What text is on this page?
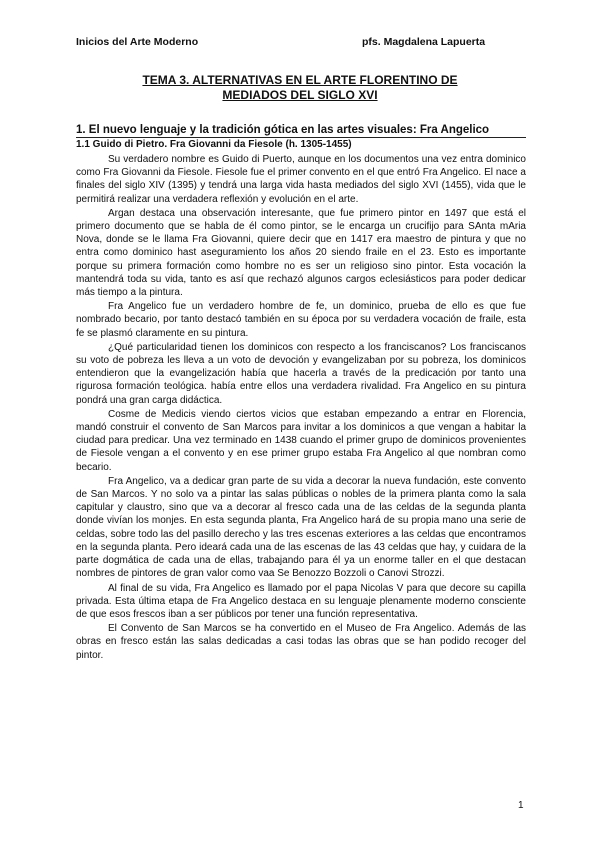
Inicios del Arte Moderno	pfs. Magdalena Lapuerta
TEMA 3. ALTERNATIVAS EN EL ARTE FLORENTINO DE
MEDIADOS DEL SIGLO XVI
1. El nuevo lenguaje y la tradición gótica en las artes visuales: Fra Angelico
1.1 Guido di Pietro. Fra Giovanni da Fiesole (h. 1305-1455)

Su verdadero nombre es Guido di Puerto, aunque en los documentos una vez entra dominico como Fra Giovanni da Fiesole. Fiesole fue el primer convento en el que entró Fra Angelico. El nace a finales del siglo XIV (1395) y tendrá una larga vida hasta mediados del siglo XVI (1455), vida que le permitirá realizar una verdadera reflexión y evolución en el arte.

Argan destaca una observación interesante, que fue primero pintor en 1497 que está el primero documento que se habla de él como pintor, se le encarga un crucifijo para SAnta mAria Nova, donde se le llama Fra Giovanni, quiere decir que en 1417 era maestro de pintura y que no entra como dominico hast aseguramiento los años 20 siendo fraile en el 23. Esto es importante porque su primera formación como hombre no es ser un religioso sino pintor. Esta vocación la mantendrá toda su vida, tanto es así que rechazó algunos cargos eclesiásticos para poder dedicar más tiempo a la pintura.

Fra Angelico fue un verdadero hombre de fe, un dominico, prueba de ello es que fue nombrado becario, por tanto destacó también en su época por su verdadera vocación de fraile, esta fe se plasmó claramente en su pintura.

¿Qué particularidad tienen los dominicos con respecto a los franciscanos? Los franciscanos su voto de pobreza les lleva a un voto de devoción y evangelizaban por su pobreza, los dominicos entendieron que la evangelización había que hacerla a través de la predicación por tanto una rigurosa formación teológica. había entre ellos una verdadera rivalidad. Fra Angelico en su pintura pondrá una gran carga didáctica.

Cosme de Medicis viendo ciertos vicios que estaban empezando a entrar en Florencia, mandó construir el convento de San Marcos para invitar a los dominicos a que vengan a habitar la ciudad para predicar. Una vez terminado en 1438 cuando el primer grupo de dominicos provenientes de Fiesole vengan a el convento y en ese primer grupo estaba Fra Angelico al que nombran como becario.

Fra Angelico, va a dedicar gran parte de su vida a decorar la nueva fundación, este convento de San Marcos. Y no solo va a pintar las salas públicas o nobles de la primera planta como la sala capitular y claustro, sino que va a decorar al fresco cada una de las celdas de la segunda planta donde vivían los monjes. En esta segunda planta, Fra Angelico hará de su propia mano una serie de celdas, sobre todo las del pasillo derecho y las tres escenas exteriores a las celdas que encontramos en la segunda planta. Pero ideará cada una de las escenas de las 43 celdas que hay, y cuidara de la parte dogmática de cada una de ellas, trabajando para él ya un enorme taller en el que destacan nombres de pintores de gran valor como vaa Se Benozzo Bozzoli o Canovi Strozzi.

Al final de su vida, Fra Angelico es llamado por el papa Nicolas V para que decore su capilla privada. Esta última etapa de Fra Angelico destaca en su lenguaje plenamente moderno consciente de que esos frescos iban a ser públicos por tener una función representativa.

El Convento de San Marcos se ha convertido en el Museo de Fra Angelico. Además de las obras en fresco están las salas dedicadas a casi todas las obras que se han podido recoger del pintor.

1
